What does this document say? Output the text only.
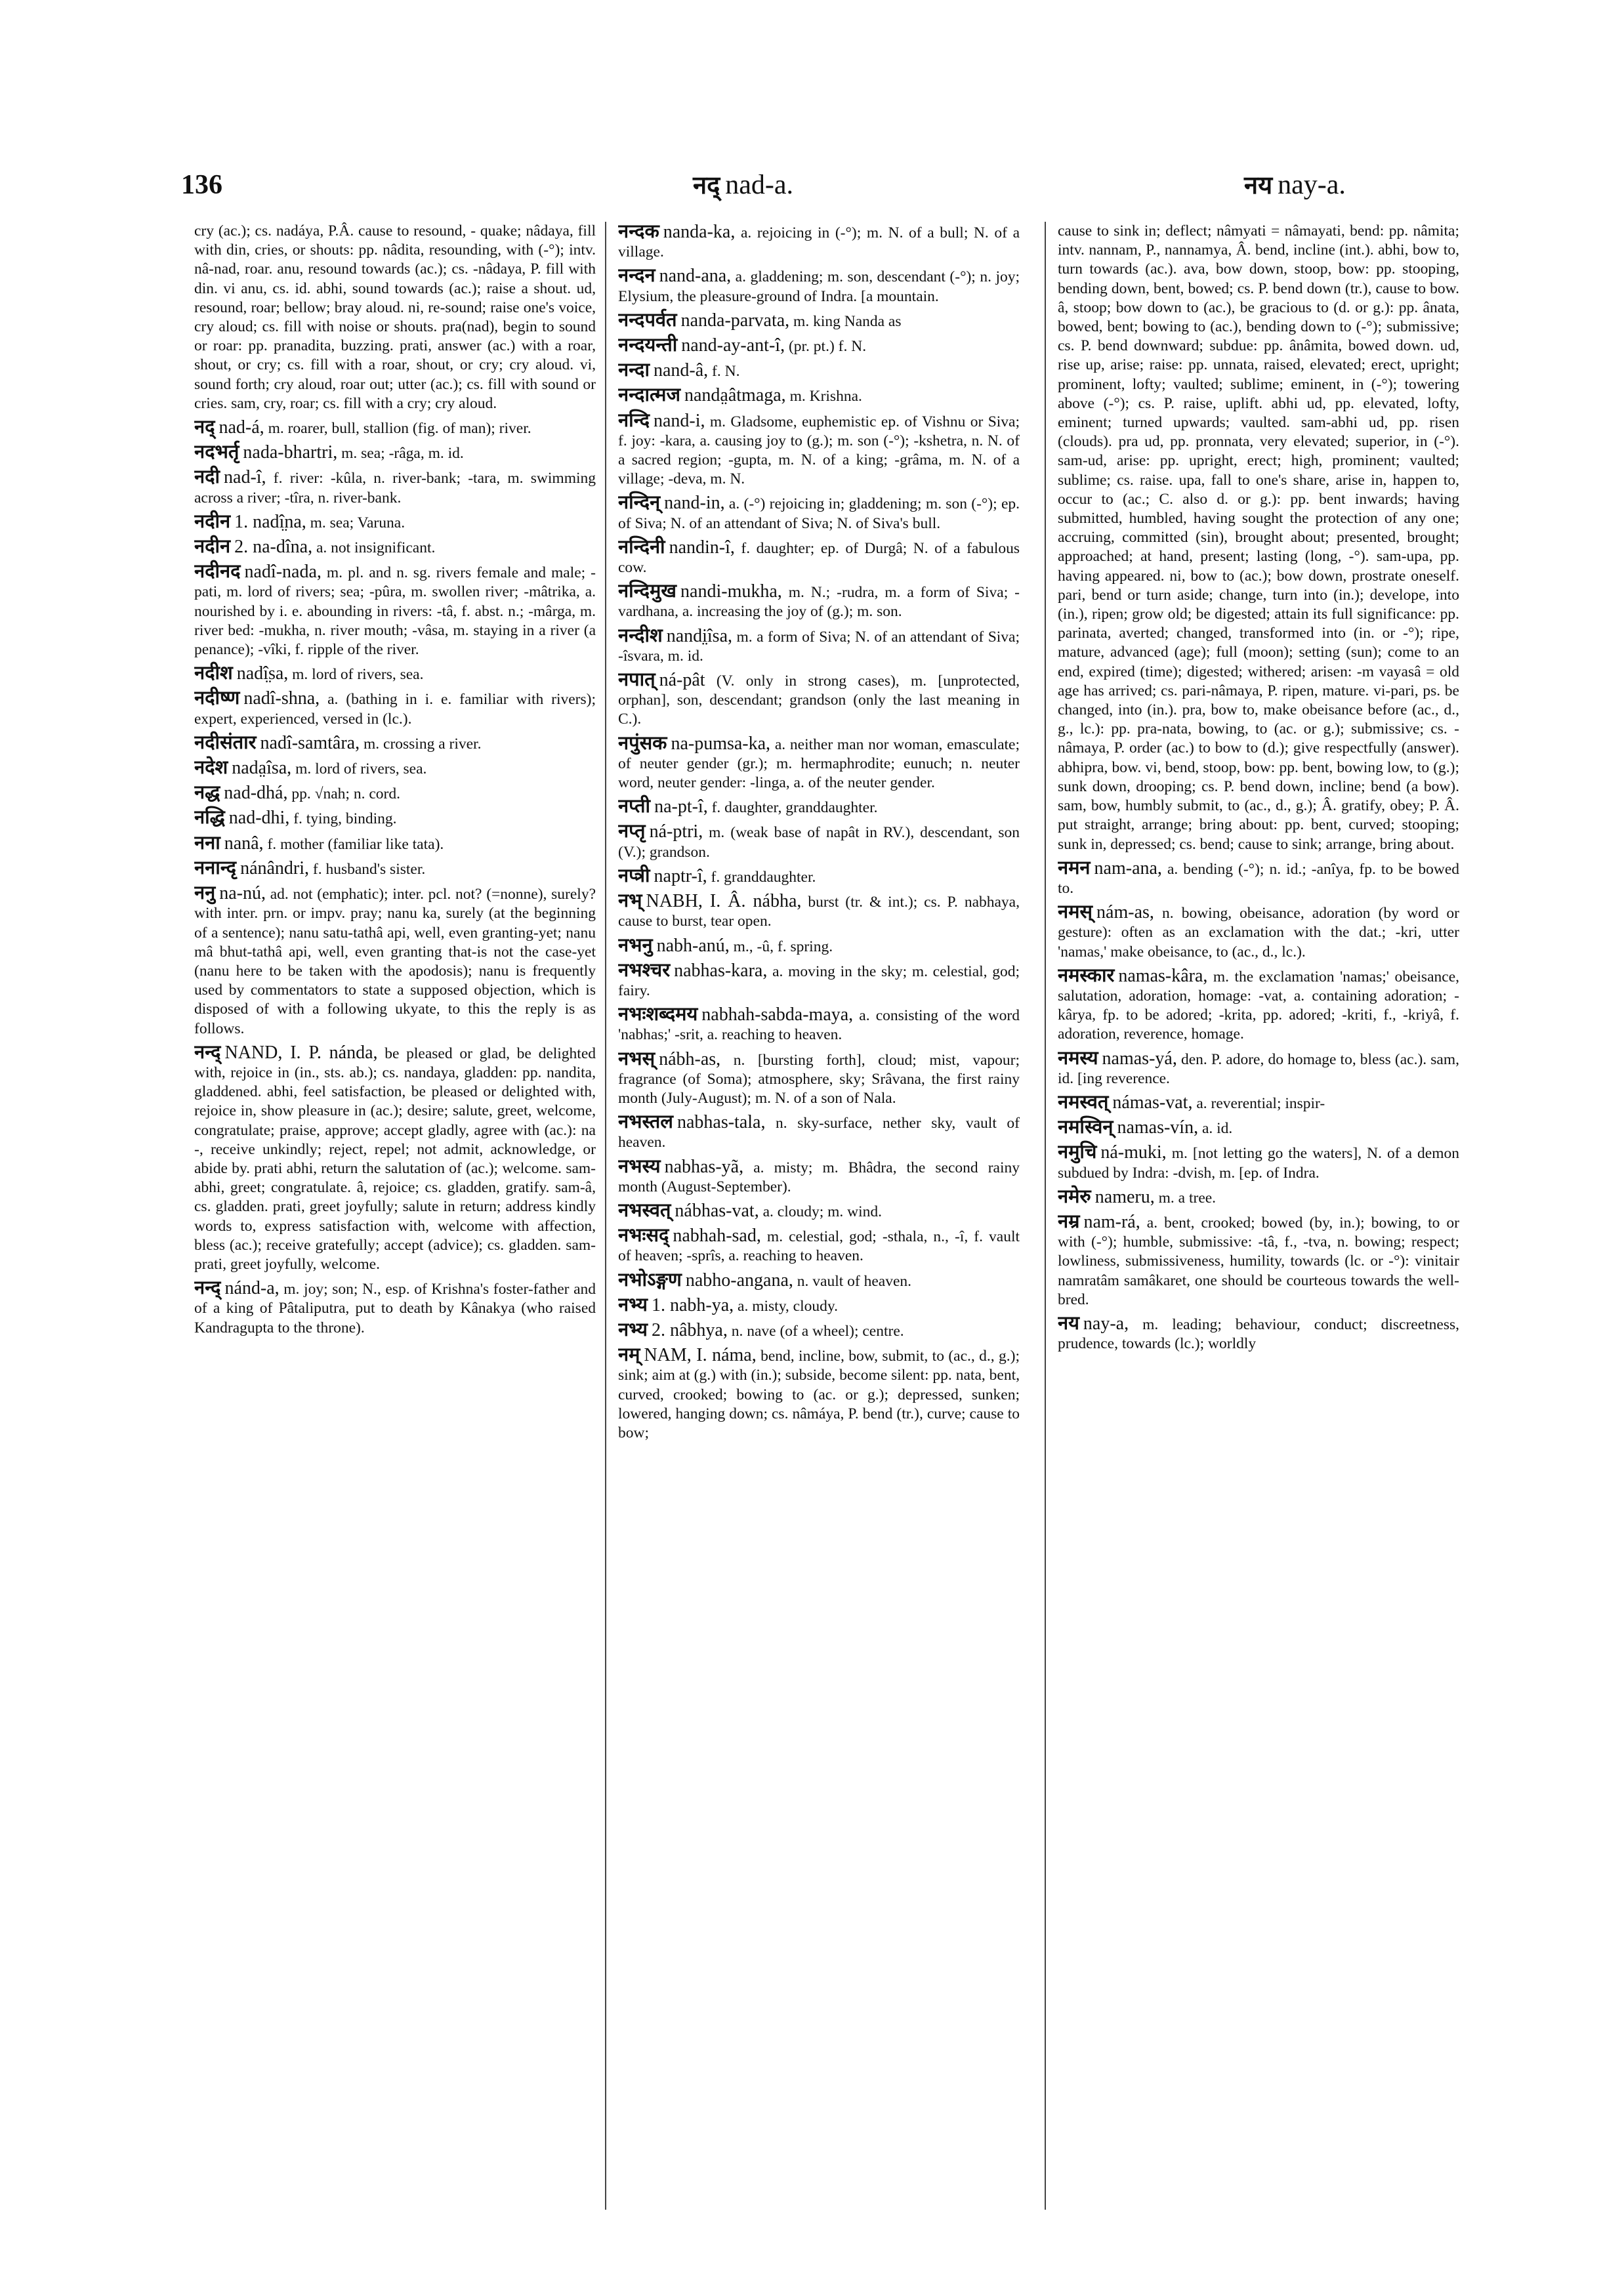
136	नद् nad-a.	नय nay-a.
cry (ac.); cs. nadáya, P.Â. cause to resound, - quake; nâdaya, fill with din, cries, or shouts: pp. nâdita, resounding, with (-°); intv. nâ-nad, roar. anu, resound towards (ac.); cs. -nâdaya, P. fill with din. vi anu, cs. id. abhi, sound towards (ac.); raise a shout. ud, resound, roar; bellow; bray aloud. ni, re-sound; raise one's voice, cry aloud; cs. fill with noise or shouts. pra(nad), begin to sound or roar: pp. pranadita, buzzing. prati, answer (ac.) with a roar, shout, or cry; cs. fill with a roar, shout, or cry; cry aloud. vi, sound forth; cry aloud, roar out; utter (ac.); cs. fill with sound or cries. sam, cry, roar; cs. fill with a cry; cry aloud.
नद् nad-á, m. roarer, bull, stallion (fig. of man); river.
नदभर्तृ nada-bhartri, m. sea; -râga, m. id.
नदी nad-î, f. river: -kûla, n. river-bank; -tara, m. swimming across a river; -tîra, n. river-bank.
नदीन 1. nadî̤na, m. sea; Varuna.
नदीन 2. na-dîna, a. not insignificant.
नदीनद nadî-nada, m. pl. and n. sg. rivers female and male; -pati, m. lord of rivers; sea; -pûra, m. swollen river; -mâtrika, a. nourished by i. e. abounding in rivers: -tâ, f. abst. n.; -mârga, m. river bed: -mukha, n. river mouth; -vâsa, m. staying in a river (a penance); -vîki, f. ripple of the river.
नदीश nadî̤sa, m. lord of rivers, sea.
नदीष्ण nadî-shna, a. (bathing in i. e. familiar with rivers); expert, experienced, versed in (lc.).
नदीसंतार nadî-samtâra, m. crossing a river.
नदेश nada̤îsa, m. lord of rivers, sea.
नद्ध nad-dhá, pp. √nah; n. cord.
नद्धि nad-dhi, f. tying, binding.
नना nanâ, f. mother (familiar like tata).
ननान्दृ nánândri, f. husband's sister.
ननु na-nú, ad. not (emphatic); inter. pcl. not? (=nonne), surely? with inter. prn. or impv. pray; nanu ka, surely (at the beginning of a sentence); nanu satu-tathâ api, well, even granting-yet; nanu mâ bhut-tathâ api, well, even granting that-is not the case-yet (nanu here to be taken with the apodosis); nanu is frequently used by commentators to state a supposed objection, which is disposed of with a following ukyate, to this the reply is as follows.
नन्द् NAND, I. P. nánda, be pleased or glad, be delighted with, rejoice in (in., sts. ab.); cs. nandaya, gladden: pp. nandita, gladdened. abhi, feel satisfaction, be pleased or delighted with, rejoice in, show pleasure in (ac.); desire; salute, greet, welcome, congratulate; praise, approve; accept gladly, agree with (ac.): na -, receive unkindly; reject, repel; not admit, acknowledge, or abide by. prati abhi, return the salutation of (ac.); welcome. sam-abhi, greet; congratulate. â, rejoice; cs. gladden, gratify. sam-â, cs. gladden. prati, greet joyfully; salute in return; address kindly words to, express satisfaction with, welcome with affection, bless (ac.); receive gratefully; accept (advice); cs. gladden. sam-prati, greet joyfully, welcome.
नन्द् nánd-a, m. joy; son; N., esp. of Krishna's foster-father and of a king of Pâtaliputra, put to death by Kânakya (who raised Kandragupta to the throne).
नन्दक nanda-ka, a. rejoicing in (-°); m. N. of a bull; N. of a village.
नन्दन nand-ana, a. gladdening; m. son, descendant (-°); n. joy; Elysium, the pleasure-ground of Indra. [a mountain.
नन्दपर्वत nanda-parvata, m. king Nanda as
नन्दयन्ती nand-ay-ant-î, (pr. pt.) f. N.
नन्दा nand-â, f. N.
नन्दात्मज nanda̤âtmaga, m. Krishna.
नन्दि nand-i, m. Gladsome, euphemistic ep. of Vishnu or Siva; f. joy: -kara, a. causing joy to (g.); m. son (-°); -kshetra, n. N. of a sacred region; -gupta, m. N. of a king; -grâma, m. N. of a village; -deva, m. N.
नन्दिन् nand-in, a. (-°) rejoicing in; gladdening; m. son (-°); ep. of Siva; N. of an attendant of Siva; N. of Siva's bull.
नन्दिनी nandin-î, f. daughter; ep. of Durgâ; N. of a fabulous cow.
नन्दिमुख nandi-mukha, m. N.; -rudra, m. a form of Siva; -vardhana, a. increasing the joy of (g.); m. son.
नन्दीश nandi̤îsa, m. a form of Siva; N. of an attendant of Siva; -îsvara, m. id.
नपात् ná-pât (V. only in strong cases), m. [unprotected, orphan], son, descendant; grandson (only the last meaning in C.).
नपुंसक na-pumsa-ka, a. neither man nor woman, emasculate; of neuter gender (gr.); m. hermaphrodite; eunuch; n. neuter word, neuter gender: -linga, a. of the neuter gender.
नप्ती na-pt-î, f. daughter, granddaughter.
नप्तृ ná-ptri, m. (weak base of napât in RV.), descendant, son (V.); grandson.
नप्त्री naptr-î, f. granddaughter.
नभ् NABH, I. Â. nábha, burst (tr. & int.); cs. P. nabhaya, cause to burst, tear open.
नभनु nabh-anú, m., -û, f. spring.
नभश्चर nabhas-kara, a. moving in the sky; m. celestial, god; fairy.
नभःशब्दमय nabhah-sabda-maya, a. consisting of the word 'nabhas;' -srit, a. reaching to heaven.
नभस् nábh-as, n. [bursting forth], cloud; mist, vapour; fragrance (of Soma); atmosphere, sky; Srâvana, the first rainy month (July-August); m. N. of a son of Nala.
नभस्तल nabhas-tala, n. sky-surface, nether sky, vault of heaven.
नभस्य nabhas-yã, a. misty; m. Bhâdra, the second rainy month (August-September).
नभस्वत् nábhas-vat, a. cloudy; m. wind.
नभःसद् nabhah-sad, m. celestial, god; -sthala, n., -î, f. vault of heaven; -sprîs, a. reaching to heaven.
नभोऽङ्गण nabho-angana, n. vault of heaven.
नभ्य 1. nabh-ya, a. misty, cloudy.
नभ्य 2. nâbhya, n. nave (of a wheel); centre.
नम् NAM, I. náma, bend, incline, bow, submit, to (ac., d., g.); sink; aim at (g.) with (in.); subside, become silent: pp. nata, bent, curved, crooked; bowing to (ac. or g.); depressed, sunken; lowered, hanging down; cs. nâmáya, P. bend (tr.), curve; cause to bow;
cause to sink in; deflect; nâmyati = nâmayati, bend: pp. nâmita; intv. nannam, P., nannamya, Â. bend, incline (int.). abhi, bow to, turn towards (ac.). ava, bow down, stoop, bow: pp. stooping, bending down, bent, bowed; cs. P. bend down (tr.), cause to bow. â, stoop; bow down to (ac.), be gracious to (d. or g.): pp. ânata, bowed, bent; bowing to (ac.), bending down to (-°); submissive; cs. P. bend downward; subdue: pp. ânâmita, bowed down. ud, rise up, arise; raise: pp. unnata, raised, elevated; erect, upright; prominent, lofty; vaulted; sublime; eminent, in (-°); towering above (-°); cs. P. raise, uplift. abhi ud, pp. elevated, lofty, eminent; turned upwards; vaulted. sam-abhi ud, pp. risen (clouds). pra ud, pp. pronnata, very elevated; superior, in (-°). sam-ud, arise: pp. upright, erect; high, prominent; vaulted; sublime; cs. raise. upa, fall to one's share, arise in, happen to, occur to (ac.; C. also d. or g.): pp. bent inwards; having submitted, humbled, having sought the protection of any one; accruing, committed (sin), brought about; presented, brought; approached; at hand, present; lasting (long, -°). sam-upa, pp. having appeared. ni, bow to (ac.); bow down, prostrate oneself. pari, bend or turn aside; change, turn into (in.); develope, into (in.), ripen; grow old; be digested; attain its full significance: pp. parinata, averted; changed, transformed into (in. or -°); ripe, mature, advanced (age); full (moon); setting (sun); come to an end, expired (time); digested; withered; arisen: -m vayasâ = old age has arrived; cs. pari-nâmaya, P. ripen, mature. vi-pari, ps. be changed, into (in.). pra, bow to, make obeisance before (ac., d., g., lc.): pp. pra-nata, bowing, to (ac. or g.); submissive; cs. -nâmaya, P. order (ac.) to bow to (d.); give respectfully (answer). abhipra, bow. vi, bend, stoop, bow: pp. bent, bowing low, to (g.); sunk down, drooping; cs. P. bend down, incline; bend (a bow). sam, bow, humbly submit, to (ac., d., g.); Â. gratify, obey; P. Â. put straight, arrange; bring about: pp. bent, curved; stooping; sunk in, depressed; cs. bend; cause to sink; arrange, bring about.
नमन nam-ana, a. bending (-°); n. id.; -anîya, fp. to be bowed to.
नमस् nám-as, n. bowing, obeisance, adoration (by word or gesture): often as an exclamation with the dat.; -kri, utter 'namas,' make obeisance, to (ac., d., lc.).
नमस्कार namas-kâra, m. the exclamation 'namas;' obeisance, salutation, adoration, homage: -vat, a. containing adoration; -kârya, fp. to be adored; -krita, pp. adored; -kriti, f., -kriyâ, f. adoration, reverence, homage.
नमस्य namas-yá, den. P. adore, do homage to, bless (ac.). sam, id. [ing reverence.
नमस्वत् námas-vat, a. reverential; inspir-
नमस्विन् namas-vín, a. id.
नमुचि ná-muki, m. [not letting go the waters], N. of a demon subdued by Indra: -dvish, m. [ep. of Indra.
नमेरु nameru, m. a tree.
नम्र nam-rá, a. bent, crooked; bowed (by, in.); bowing, to or with (-°); humble, submissive: -tâ, f., -tva, n. bowing; respect; lowliness, submissiveness, humility, towards (lc. or -°): vinitair namratâm samâkaret, one should be courteous towards the well-bred.
नय nay-a, m. leading; behaviour, conduct; discreetness, prudence, towards (lc.); worldly
